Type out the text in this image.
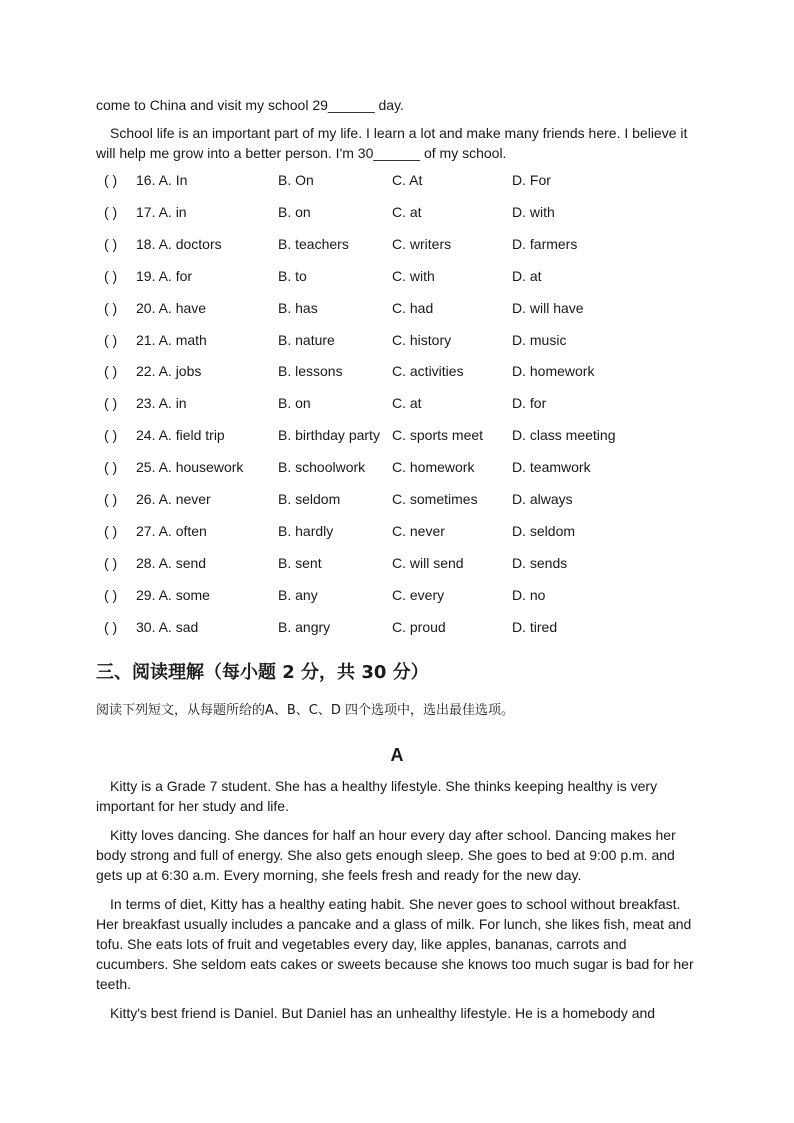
come to China and visit my school 29______ day.
School life is an important part of my life. I learn a lot and make many friends here. I believe it will help me grow into a better person. I'm 30______ of my school.
( ) 16. A. In	B. On	C. At	D. For
( ) 17. A. in	B. on	C. at	D. with
( ) 18. A. doctors	B. teachers	C. writers	D. farmers
( ) 19. A. for	B. to	C. with	D. at
( ) 20. A. have	B. has	C. had	D. will have
( ) 21. A. math	B. nature	C. history	D. music
( ) 22. A. jobs	B. lessons	C. activities	D. homework
( ) 23. A. in	B. on	C. at	D. for
( ) 24. A. field trip	B. birthday party C. sports meet D. class meeting
( ) 25. A. housework B. schoolwork C. homework	D. teamwork
( ) 26. A. never	B. seldom	C. sometimes D. always
( ) 27. A. often	B. hardly	C. never	D. seldom
( ) 28. A. send	B. sent	C. will send	D. sends
( ) 29. A. some	B. any	C. every	D. no
( ) 30. A. sad	B. angry	C. proud	D. tired
三、阅读理解（每小题 2 分，共 30 分）
阅读下列短文，从每题所给的A、B、C、D 四个选项中，选出最佳选项。
A
Kitty is a Grade 7 student. She has a healthy lifestyle. She thinks keeping healthy is very important for her study and life.
Kitty loves dancing. She dances for half an hour every day after school. Dancing makes her body strong and full of energy. She also gets enough sleep. She goes to bed at 9:00 p.m. and gets up at 6:30 a.m. Every morning, she feels fresh and ready for the new day.
In terms of diet, Kitty has a healthy eating habit. She never goes to school without breakfast. Her breakfast usually includes a pancake and a glass of milk. For lunch, she likes fish, meat and tofu. She eats lots of fruit and vegetables every day, like apples, bananas, carrots and cucumbers. She seldom eats cakes or sweets because she knows too much sugar is bad for her teeth.
Kitty's best friend is Daniel. But Daniel has an unhealthy lifestyle. He is a homebody and
